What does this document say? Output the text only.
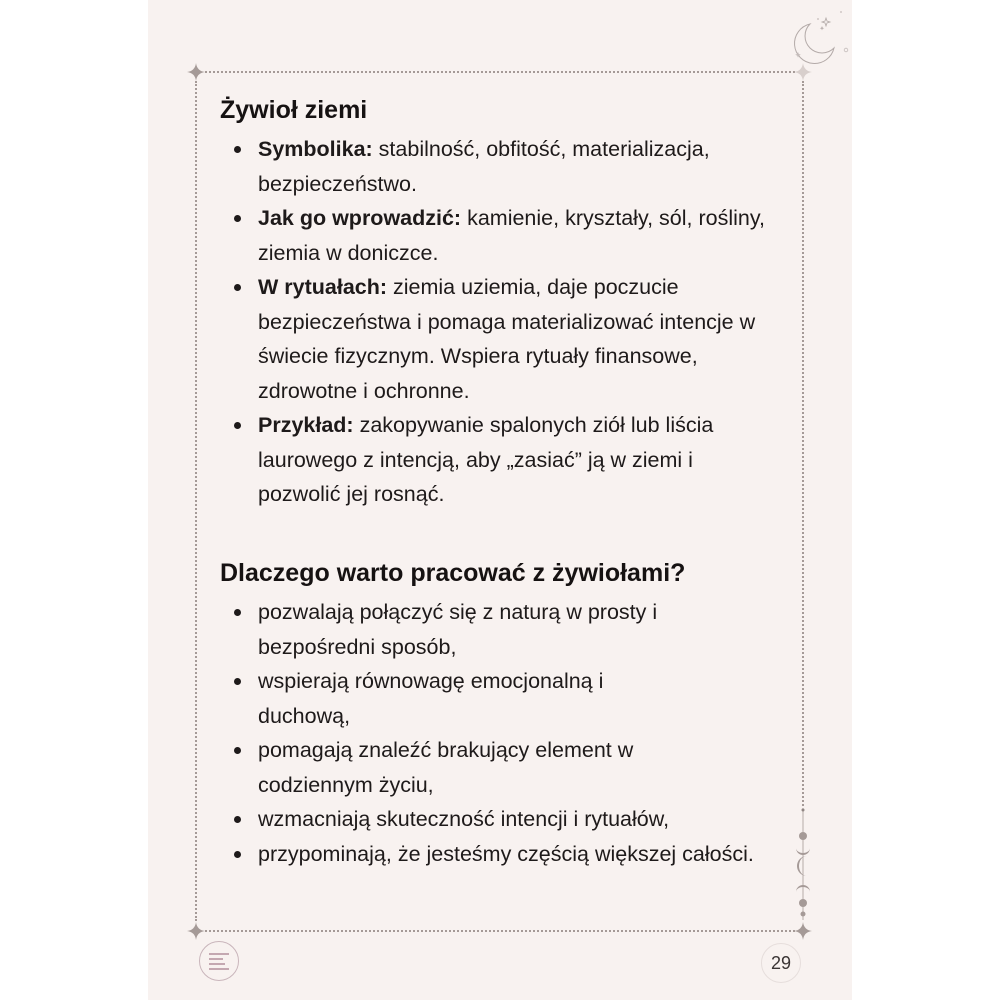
Żywioł ziemi
Symbolika: stabilność, obfitość, materializacja, bezpieczeństwo.
Jak go wprowadzić: kamienie, kryształy, sól, rośliny, ziemia w doniczce.
W rytuałach: ziemia uziemia, daje poczucie bezpieczeństwa i pomaga materializować intencje w świecie fizycznym. Wspiera rytuały finansowe, zdrowotne i ochronne.
Przykład: zakopywanie spalonych ziół lub liścia laurowego z intencją, aby „zasiać” ją w ziemi i pozwolić jej rosnąć.
Dlaczego warto pracować z żywiołami?
pozwalają połączyć się z naturą w prosty i bezpośredni sposób,
wspierają równowagę emocjonalną i duchową,
pomagają znaleźć brakujący element w codziennym życiu,
wzmacniają skuteczność intencji i rytuałów,
przypominają, że jesteśmy częścią większej całości.
29
